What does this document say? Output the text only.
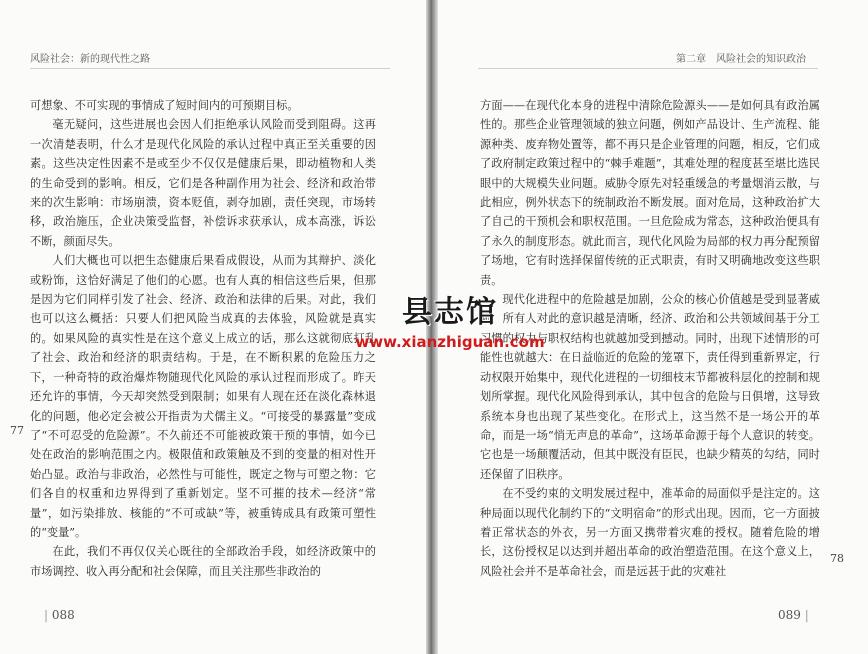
风险社会：新的现代性之路

可想象、不可实现的事情成了短时间内的可预期目标。

毫无疑问，这些进展也会因人们拒绝承认风险而受到阻碍。这再一次清楚表明，什么才是现代化风险的承认过程中真正至关重要的因素。这些决定性因素不是或至少不仅仅是健康后果，即动植物和人类的生命受到的影响。相反，它们是各种副作用为社会、经济和政治带来的次生影响：市场崩溃，资本贬值，剥夺加剧，责任突现，市场转移，政治施压，企业决策受监督，补偿诉求获承认，成本高涨，诉讼不断，颜面尽失。

人们大概也可以把生态健康后果看成假设，从而为其辩护、淡化或粉饰，这恰好满足了他们的心愿。也有人真的相信这些后果，但那是因为它们同样引发了社会、经济、政治和法律的后果。对此，我们也可以这么概括：只要人们把风险当成真的去体验，风险就是真实的。如果风险的真实性是在这个意义上成立的话，那么这就彻底打乱了社会、政治和经济的职责结构。于是，在不断积累的危险压力之下，一种奇特的政治爆炸物随现代化风险的承认过程而形成了。昨天还允许的事情，今天却突然受到限制；如果有人现在还在淡化森林退化的问题，他必定会被公开指责为犬儒主义。“可接受的暴露量”变成了“不可忍受的危险源”。不久前还不可能被政策干预的事情，如今已处在政治的影响范围之内。极限值和政策触及不到的变量的相对性开始凸显。政治与非政治，必然性与可能性，既定之物与可塑之物：它们各自的权重和边界得到了重新划定。坚不可摧的技术—经济“常量”，如污染排放、核能的“不可或缺”等，被重铸成具有政策可塑性的“变量”。

在此，我们不再仅仅关心既往的全部政治手段，如经济政策中的市场调控、收入再分配和社会保障，而且关注那些非政治的

77
| 088
第二章　风险社会的知识政治

方面——在现代化本身的进程中清除危险源头——是如何具有政治属性的。那些企业管理领域的独立问题，例如产品设计、生产流程、能源种类、废弃物处置等，都不再只是企业管理的问题，相反，它们成了政府制定政策过程中的“棘手难题”，其难处理的程度甚至堪比选民眼中的大规模失业问题。威胁令原先对轻重缓急的考量烟消云散，与此相应，例外状态下的统制政治不断发展。面对危局，这种政治扩大了自己的干预机会和职权范围。一旦危险成为常态，这种政治便具有了永久的制度形态。就此而言，现代化风险为局部的权力再分配预留了场地，它有时选择保留传统的正式职责，有时又明确地改变这些职责。

现代化进程中的危险越是加剧，公众的核心价值越是受到显著威胁，所有人对此的意识越是清晰，经济、政治和公共领域间基于分工习惯的权力与职权结构也就越加受到撼动。同时，出现下述情形的可能性也就越大：在日益临近的危险的笼罩下，责任得到重新界定，行动权限开始集中，现代化进程的一切细枝末节都被科层化的控制和规划所掌握。现代化风险得到承认，其中包含的危险与日俱增，这导致系统本身也出现了某些变化。在形式上，这当然不是一场公开的革命，而是一场“悄无声息的革命”，这场革命源于每个人意识的转变。它也是一场颠覆活动，但其中既没有臣民，也缺少精英的勾结，同时还保留了旧秩序。

在不受约束的文明发展过程中，准革命的局面似乎是注定的。这种局面以现代化制约下的“文明宿命”的形式出现。因而，它一方面披着正常状态的外衣，另一方面又携带着灾难的授权。随着危险的增长，这份授权足以达到并超出革命的政治塑造范围。在这个意义上，风险社会并不是革命社会，而是远甚于此的灾难社

78
089 |
县志馆
www.xianzhiguan.com
